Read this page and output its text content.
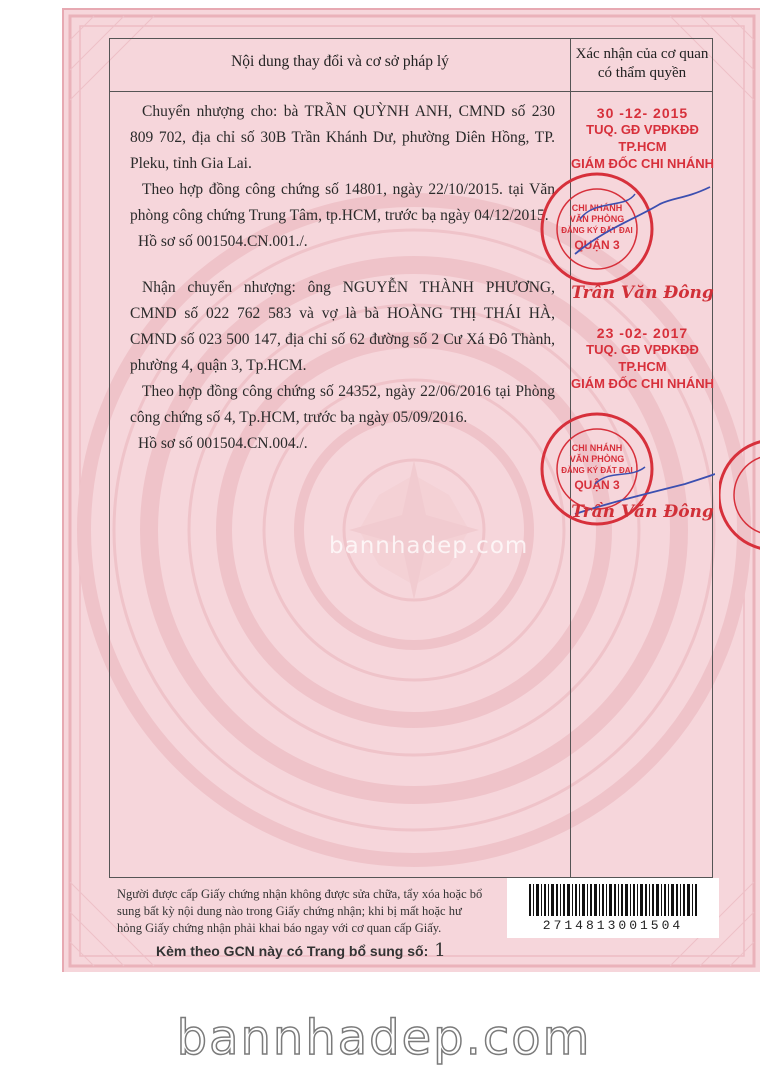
Nội dung thay đổi và cơ sở pháp lý	Xác nhận của cơ quan
có thẩm quyền

Chuyển nhượng cho: bà TRẦN QUỲNH ANH, CMND số 230 809 702, địa chỉ số 30B Trần Khánh Dư, phường Diên Hồng, TP. Pleku, tỉnh Gia Lai.

Theo hợp đồng công chứng số 14801, ngày 22/10/2015. tại Văn phòng công chứng Trung Tâm, tp.HCM, trước bạ ngày 04/12/2015.

Hồ sơ số 001504.CN.001./.

Nhận chuyển nhượng: ông NGUYỄN THÀNH PHƯƠNG, CMND số 022 762 583 và vợ là bà HOÀNG THỊ THÁI HÀ, CMND số 023 500 147, địa chỉ số 62 đường số 2 Cư Xá Đô Thành, phường 4, quận 3, Tp.HCM.

Theo hợp đồng công chứng số 24352, ngày 22/06/2016 tại Phòng công chứng số 4, Tp.HCM, trước bạ ngày 05/09/2016.

Hồ sơ số 001504.CN.004./.

30 -12- 2015
TUQ. GĐ VPĐKĐĐ TP.HCM
GIÁM ĐỐC CHI NHÁNH
CHI NHÁNH
VĂN PHÒNG
ĐĂNG KÝ ĐẤT ĐAI
QUẬN 3
Trần Văn Đông
23 -02- 2017
TUQ. GĐ VPĐKĐĐ TP.HCM
GIÁM ĐỐC CHI NHÁNH
CHI NHÁNH
VĂN PHÒNG
ĐĂNG KÝ ĐẤT ĐAI
QUẬN 3
Trần Văn Đông
bannhadep.com
Người được cấp Giấy chứng nhận không được sửa chữa, tẩy xóa hoặc bổ
sung bất kỳ nội dung nào trong Giấy chứng nhận; khi bị mất hoặc hư
hỏng Giấy chứng nhận phải khai báo ngay với cơ quan cấp Giấy.	2714813001504
Kèm theo GCN này có Trang bổ sung số: 1
bannhadep.com
